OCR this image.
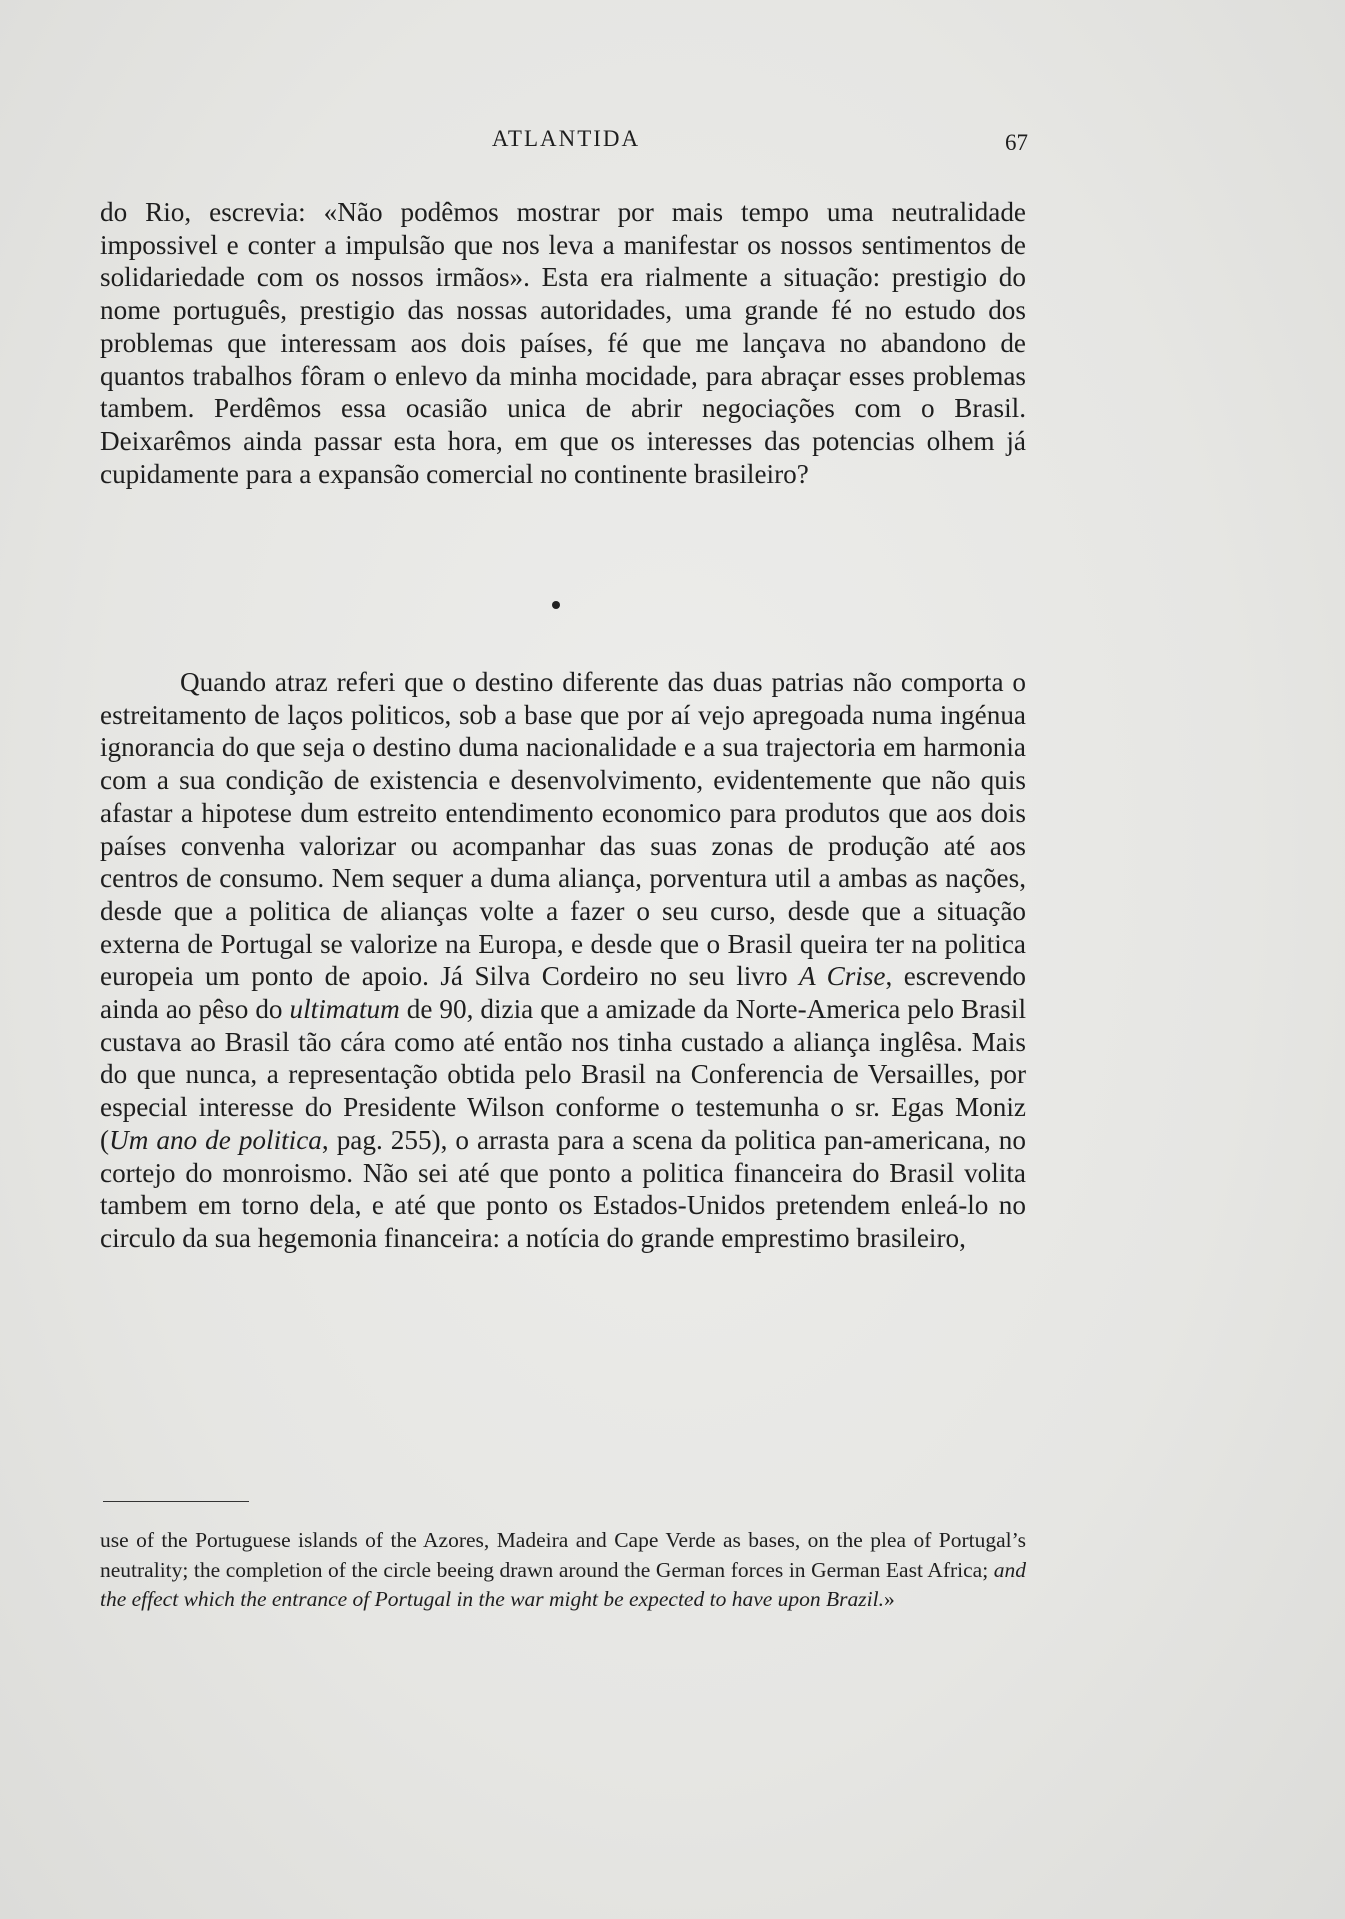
ATLANTIDA	67

do Rio, escrevia: «Não podêmos mostrar por mais tempo uma neutralidade impossivel e conter a impulsão que nos leva a manifestar os nossos sentimentos de solidariedade com os nossos irmãos». Esta era rialmente a situação: prestigio do nome português, prestigio das nossas autoridades, uma grande fé no estudo dos problemas que interessam aos dois países, fé que me lançava no abandono de quantos trabalhos fôram o enlevo da minha mocidade, para abraçar esses problemas tambem. Perdêmos essa ocasião unica de abrir negociações com o Brasil. Deixarêmos ainda passar esta hora, em que os interesses das potencias olhem já cupidamente para a expansão comercial no continente brasileiro?

Quando atraz referi que o destino diferente das duas patrias não comporta o estreitamento de laços politicos, sob a base que por aí vejo apregoada numa ingénua ignorancia do que seja o destino duma nacionalidade e a sua trajectoria em harmonia com a sua condição de existencia e desenvolvimento, evidentemente que não quis afastar a hipotese dum estreito entendimento economico para produtos que aos dois países convenha valorizar ou acompanhar das suas zonas de produção até aos centros de consumo. Nem sequer a duma aliança, porventura util a ambas as nações, desde que a politica de alianças volte a fazer o seu curso, desde que a situação externa de Portugal se valorize na Europa, e desde que o Brasil queira ter na politica europeia um ponto de apoio. Já Silva Cordeiro no seu livro A Crise, escrevendo ainda ao pêso do ultimatum de 90, dizia que a amizade da Norte-America pelo Brasil custava ao Brasil tão cára como até então nos tinha custado a aliança inglêsa. Mais do que nunca, a representação obtida pelo Brasil na Conferencia de Versailles, por especial interesse do Presidente Wilson conforme o testemunha o sr. Egas Moniz (Um ano de politica, pag. 255), o arrasta para a scena da politica pan-americana, no cortejo do monroismo. Não sei até que ponto a politica financeira do Brasil volita tambem em torno dela, e até que ponto os Estados-Unidos pretendem enleá-lo no circulo da sua hegemonia financeira: a notícia do grande emprestimo brasileiro,

use of the Portuguese islands of the Azores, Madeira and Cape Verde as bases, on the plea of Portugal’s neutrality; the completion of the circle beeing drawn around the German forces in German East Africa; and the effect which the entrance of Portugal in the war might be expected to have upon Brazil.»
